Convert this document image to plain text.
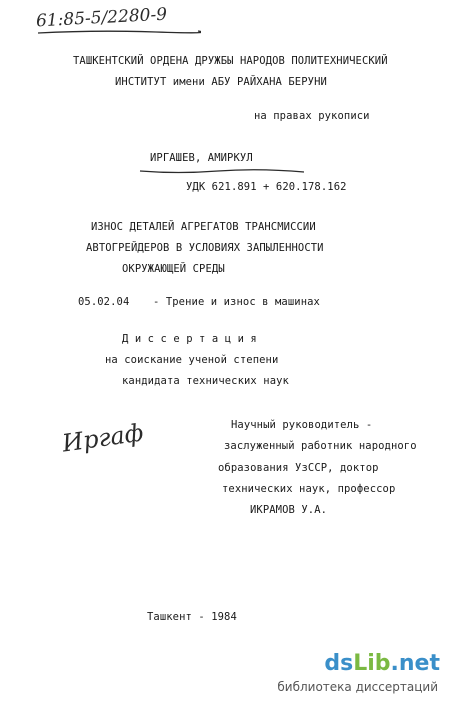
61:85-5/2280-9
ТАШКЕНТСКИЙ ОРДЕНА ДРУЖБЫ НАРОДОВ ПОЛИТЕХНИЧЕСКИЙ
ИНСТИТУТ имени АБУ РАЙХАНА БЕРУНИ
на правах рукописи
ИРГАШЕВ, АМИРКУЛ
УДК 621.891 + 620.178.162
ИЗНОС ДЕТАЛЕЙ АГРЕГАТОВ ТРАНСМИССИИ
АВТОГРЕЙДЕРОВ В УСЛОВИЯХ ЗАПЫЛЕННОСТИ
ОКРУЖАЮЩЕЙ СРЕДЫ
05.02.04 - Трение и износ в машинах
Д и с с е р т а ц и я
на соискание ученой степени
кандидата технических наук
Иргаф	Научный руководитель -
заслуженный работник народного
образования УзССР, доктор
технических наук, профессор
ИКРАМОВ У.А.
Ташкент - 1984
dsLib.net
библиотека диссертаций
